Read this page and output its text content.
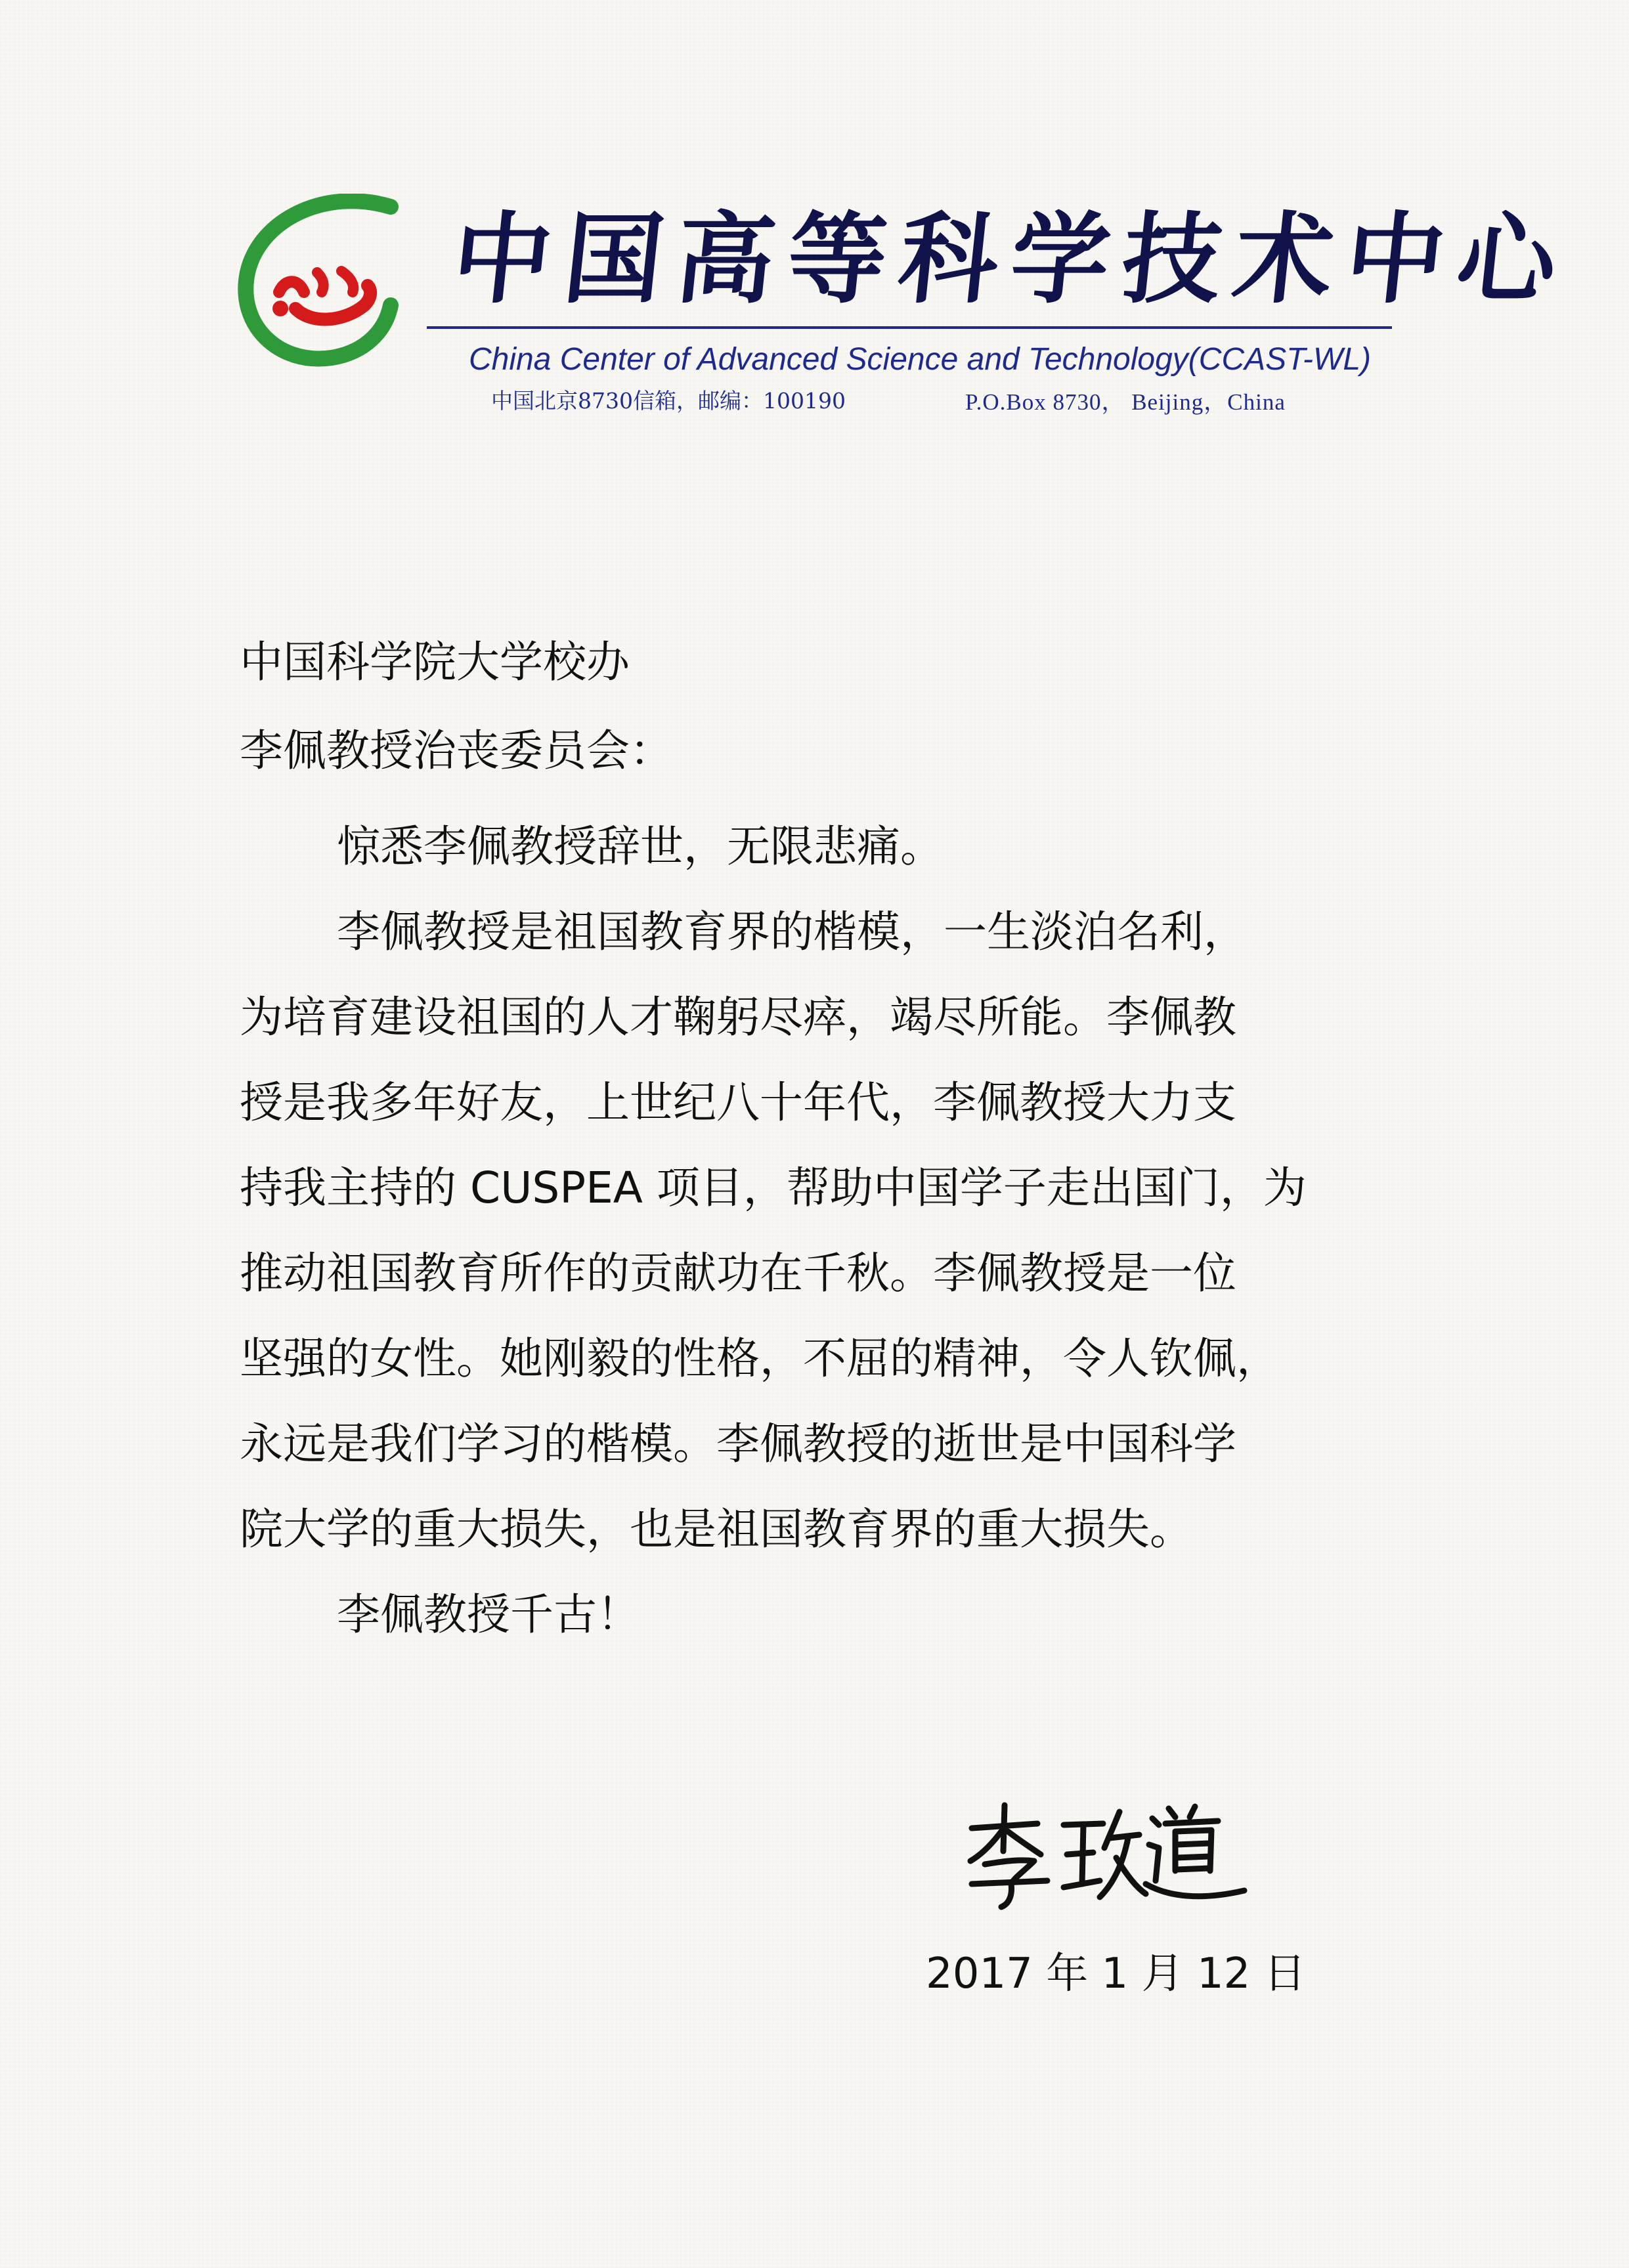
中国高等科学技术中心
China Center of Advanced Science and Technology(CCAST-WL)
中国北京8730信箱，邮编：100190	P.O.Box 8730， Beijing，China
中国科学院大学校办
李佩教授治丧委员会：
惊悉李佩教授辞世，无限悲痛。
李佩教授是祖国教育界的楷模，一生淡泊名利，
为培育建设祖国的人才鞠躬尽瘁，竭尽所能。李佩教
授是我多年好友，上世纪八十年代，李佩教授大力支
持我主持的 CUSPEA 项目，帮助中国学子走出国门，为
推动祖国教育所作的贡献功在千秋。李佩教授是一位
坚强的女性。她刚毅的性格，不屈的精神，令人钦佩，
永远是我们学习的楷模。李佩教授的逝世是中国科学
院大学的重大损失，也是祖国教育界的重大损失。
李佩教授千古！
2017 年 1 月 12 日
